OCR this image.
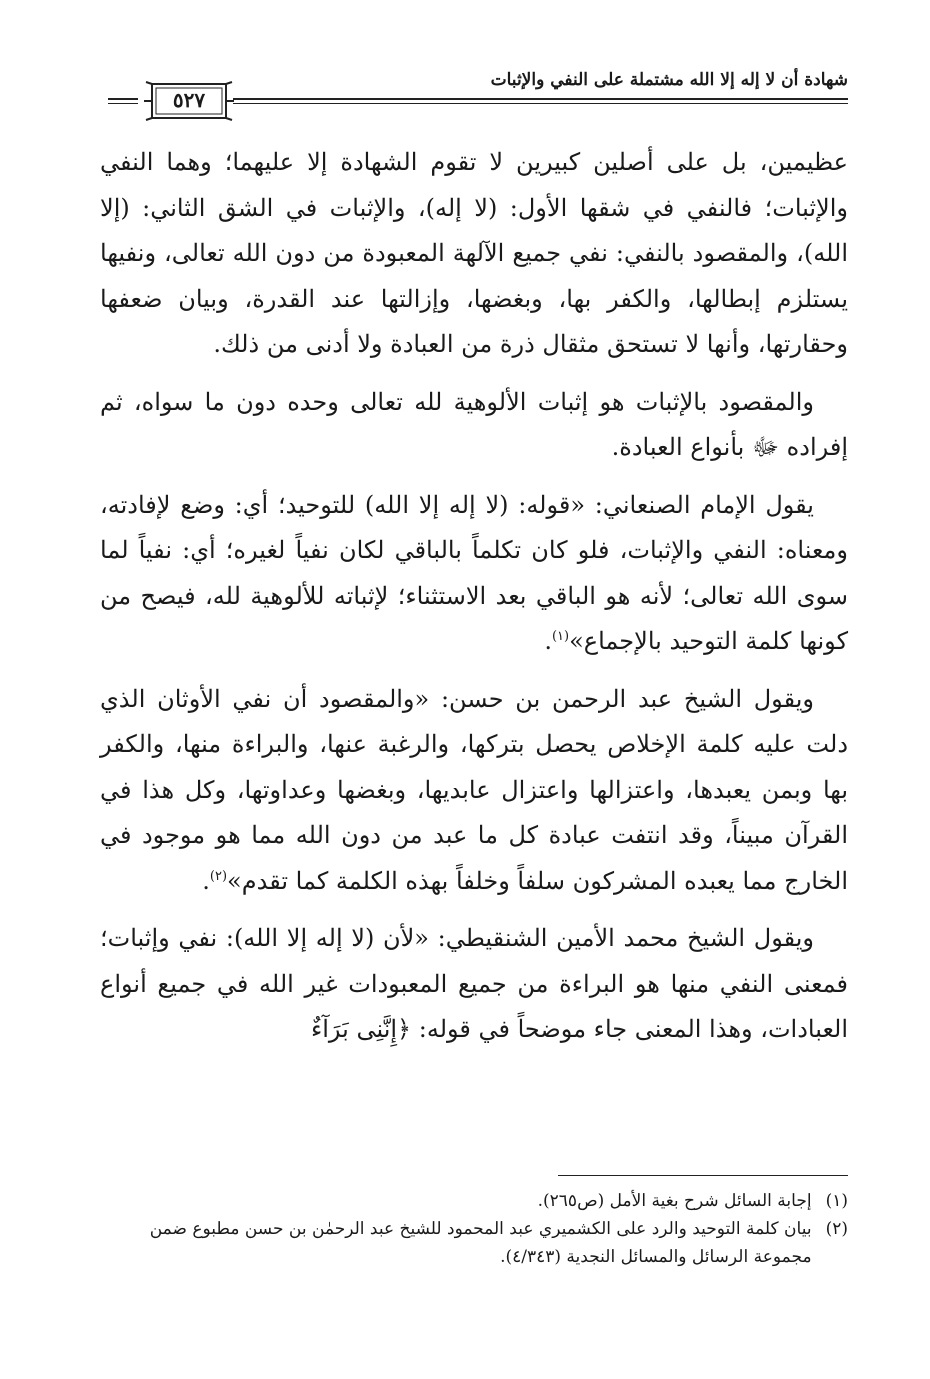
شهادة أن لا إله إلا الله مشتملة على النفي والإثبات
٥٢٧

عظيمين، بل على أصلين كبيرين لا تقوم الشهادة إلا عليهما؛ وهما النفي والإثبات؛ فالنفي في شقها الأول: (لا إله)، والإثبات في الشق الثاني: (إلا الله)، والمقصود بالنفي: نفي جميع الآلهة المعبودة من دون الله تعالى، ونفيها يستلزم إبطالها، والكفر بها، وبغضها، وإزالتها عند القدرة، وبيان ضعفها وحقارتها، وأنها لا تستحق مثقال ذرة من العبادة ولا أدنى من ذلك.

والمقصود بالإثبات هو إثبات الألوهية لله تعالى وحده دون ما سواه، ثم إفراده ﷻ بأنواع العبادة.

يقول الإمام الصنعاني: «قوله: (لا إله إلا الله) للتوحيد؛ أي: وضع لإفادته، ومعناه: النفي والإثبات، فلو كان تكلماً بالباقي لكان نفياً لغيره؛ أي: نفياً لما سوى الله تعالى؛ لأنه هو الباقي بعد الاستثناء؛ لإثباته للألوهية لله، فيصح من كونها كلمة التوحيد بالإجماع»$^{(١)}$.

ويقول الشيخ عبد الرحمن بن حسن: «والمقصود أن نفي الأوثان الذي دلت عليه كلمة الإخلاص يحصل بتركها، والرغبة عنها، والبراءة منها، والكفر بها وبمن يعبدها، واعتزالها واعتزال عابديها، وبغضها وعداوتها، وكل هذا في القرآن مبيناً، وقد انتفت عبادة كل ما عبد من دون الله مما هو موجود في الخارج مما يعبده المشركون سلفاً وخلفاً بهذه الكلمة كما تقدم»$^{(٢)}$.

ويقول الشيخ محمد الأمين الشنقيطي: «لأن (لا إله إلا الله): نفي وإثبات؛ فمعنى النفي منها هو البراءة من جميع المعبودات غير الله في جميع أنواع العبادات، وهذا المعنى جاء موضحاً في قوله: ﴿إِنَّنِى بَرَآءٌ

(١)
إجابة السائل شرح بغية الأمل (ص٢٦٥).
(٢)
بيان كلمة التوحيد والرد على الكشميري عبد المحمود للشيخ عبد الرحمٰن بن حسن مطبوع ضمن مجموعة الرسائل والمسائل النجدية (٤/٣٤٣).
